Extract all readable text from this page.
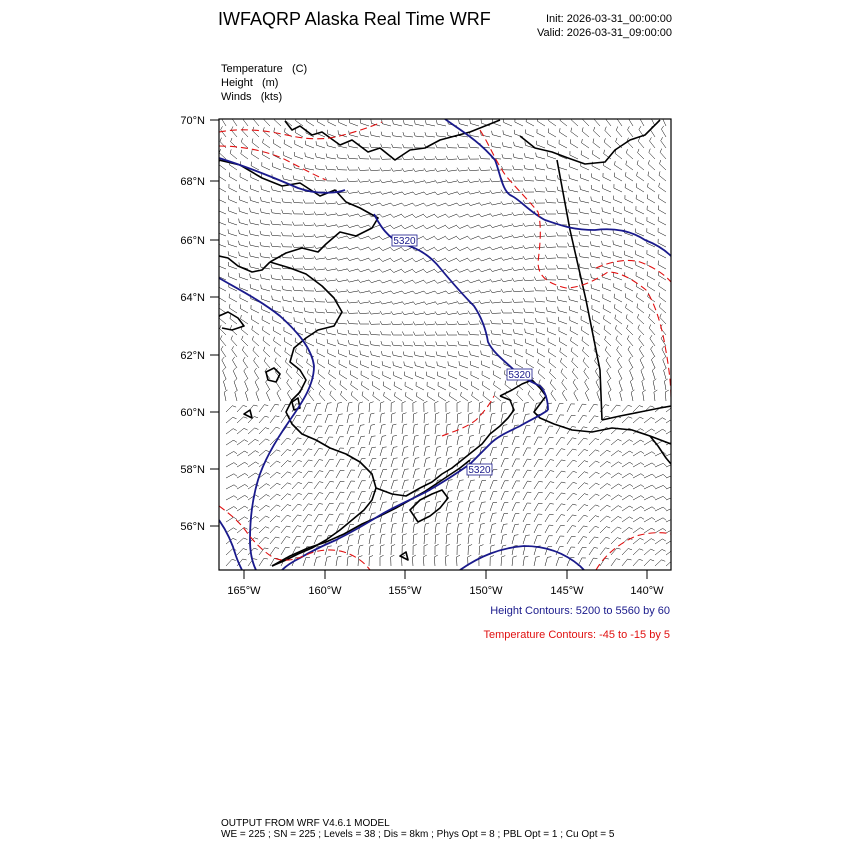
IWFAQRP Alaska Real Time WRF	Init: 2026-03-31_00:00:00
Valid: 2026-03-31_09:00:00
Temperature (C)
Height (m)
Winds (kts)
5320
5320
5320
70°N
68°N
66°N
64°N
62°N
60°N
58°N
56°N
165°W	160°W	155°W	150°W	145°W	140°W
Height Contours: 5200 to 5560 by 60
Temperature Contours: -45 to -15 by 5
OUTPUT FROM WRF V4.6.1 MODEL
WE = 225 ; SN = 225 ; Levels = 38 ; Dis = 8km ; Phys Opt = 8 ; PBL Opt = 1 ; Cu Opt = 5
